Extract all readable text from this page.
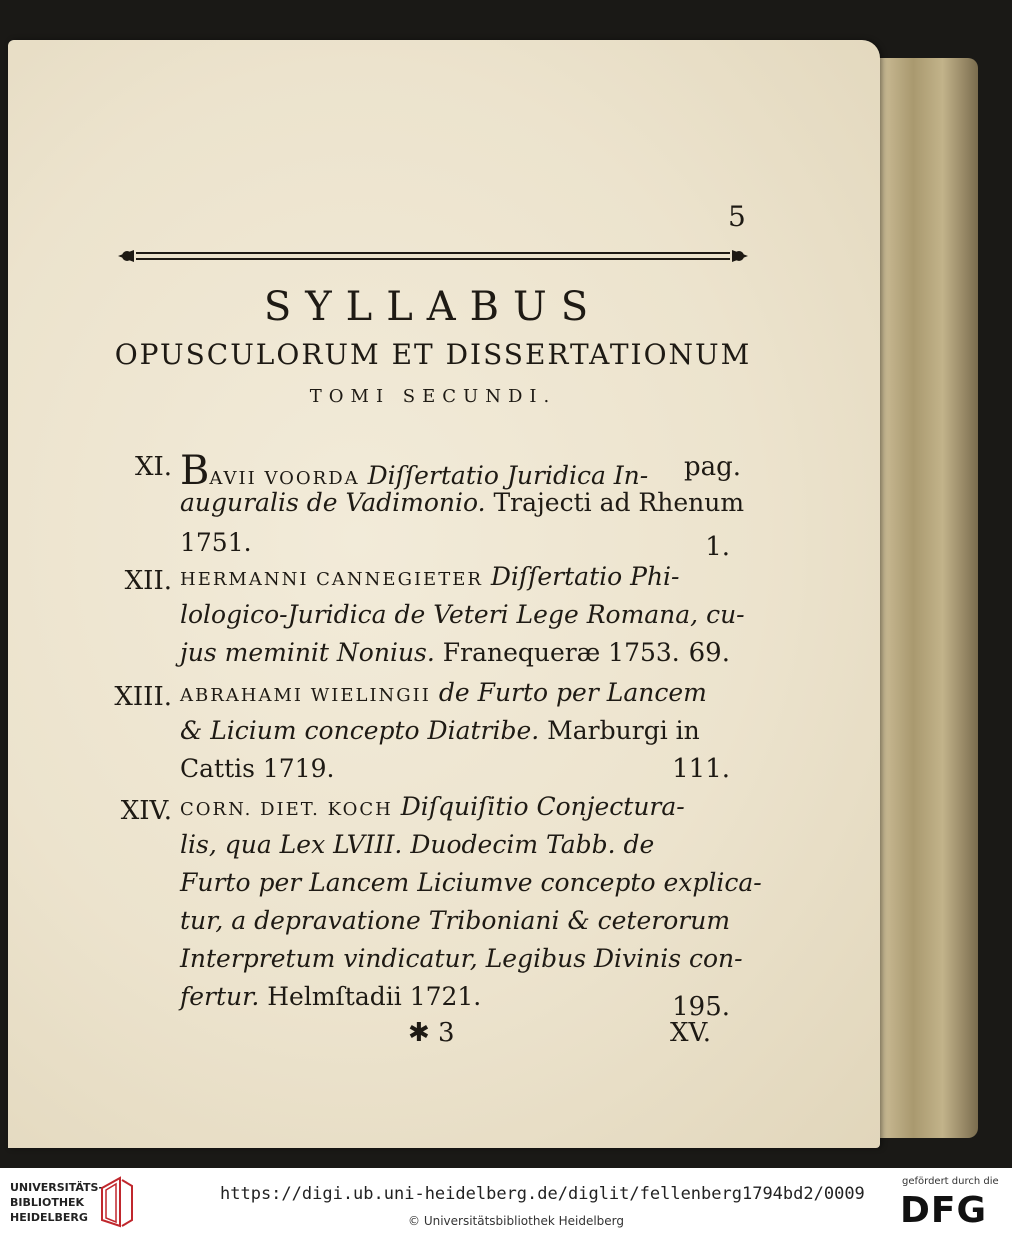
5
SYLLABUS
OPUSCULORUM ET DISSERTATIONUM
TOMI SECUNDI.
pag.
XI. BAVII VOORDA Diſſertatio Juridica In-
auguralis de Vadimonio. Trajecti ad Rhenum
1751.	1.
XII. HERMANNI CANNEGIETER Diſſertatio Phi-
lologico-Juridica de Veteri Lege Romana, cu-
jus meminit Nonius. Franequeræ 1753. 69.
XIII. ABRAHAMI WIELINGII de Furto per Lancem
& Licium concepto Diatribe. Marburgi in
Cattis 1719.	111.
XIV. CORN. DIET. KOCH Diſquiſitio Conjectura-
lis, qua Lex LVIII. Duodecim Tabb. de
Furto per Lancem Liciumve concepto explica-
tur, a depravatione Triboniani & ceterorum
Interpretum vindicatur, Legibus Divinis con-
fertur. Helmſtadii 1721.	195.
✱ 3	XV.
UNIVERSITÄTS-
BIBLIOTHEK
HEIDELBERG
https://digi.ub.uni-heidelberg.de/diglit/fellenberg1794bd2/0009
© Universitätsbibliothek Heidelberg
gefördert durch die
DFG
